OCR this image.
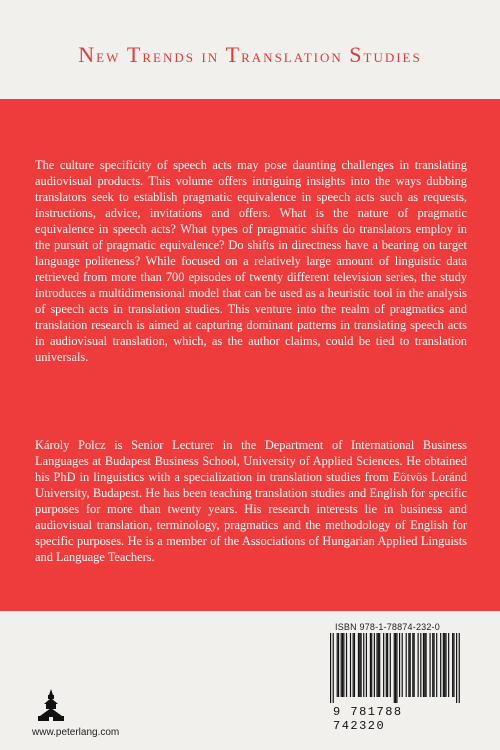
New Trends in Translation Studies

The culture specificity of speech acts may pose daunting challenges in translating audiovisual products. This volume offers intriguing insights into the ways dubbing translators seek to establish pragmatic equivalence in speech acts such as requests, instructions, advice, invitations and offers. What is the nature of pragmatic equivalence in speech acts? What types of pragmatic shifts do translators employ in the pursuit of pragmatic equivalence? Do shifts in directness have a bearing on target language politeness? While focused on a relatively large amount of linguistic data retrieved from more than 700 episodes of twenty different television series, the study introduces a multidimensional model that can be used as a heuristic tool in the analysis of speech acts in translation studies. This venture into the realm of pragmatics and translation research is aimed at capturing dominant patterns in translating speech acts in audiovisual translation, which, as the author claims, could be tied to translation universals.

Károly Polcz is Senior Lecturer in the Department of International Business Languages at Budapest Business School, University of Applied Sciences. He obtained his PhD in linguistics with a specialization in translation studies from Eötvös Loránd University, Budapest. He has been teaching translation studies and English for specific purposes for more than twenty years. His research interests lie in business and audiovisual translation, terminology, pragmatics and the methodology of English for specific purposes. He is a member of the Associations of Hungarian Applied Linguists and Language Teachers.

ISBN 978-1-78874-232-0
9 781788 742320
www.peterlang.com
